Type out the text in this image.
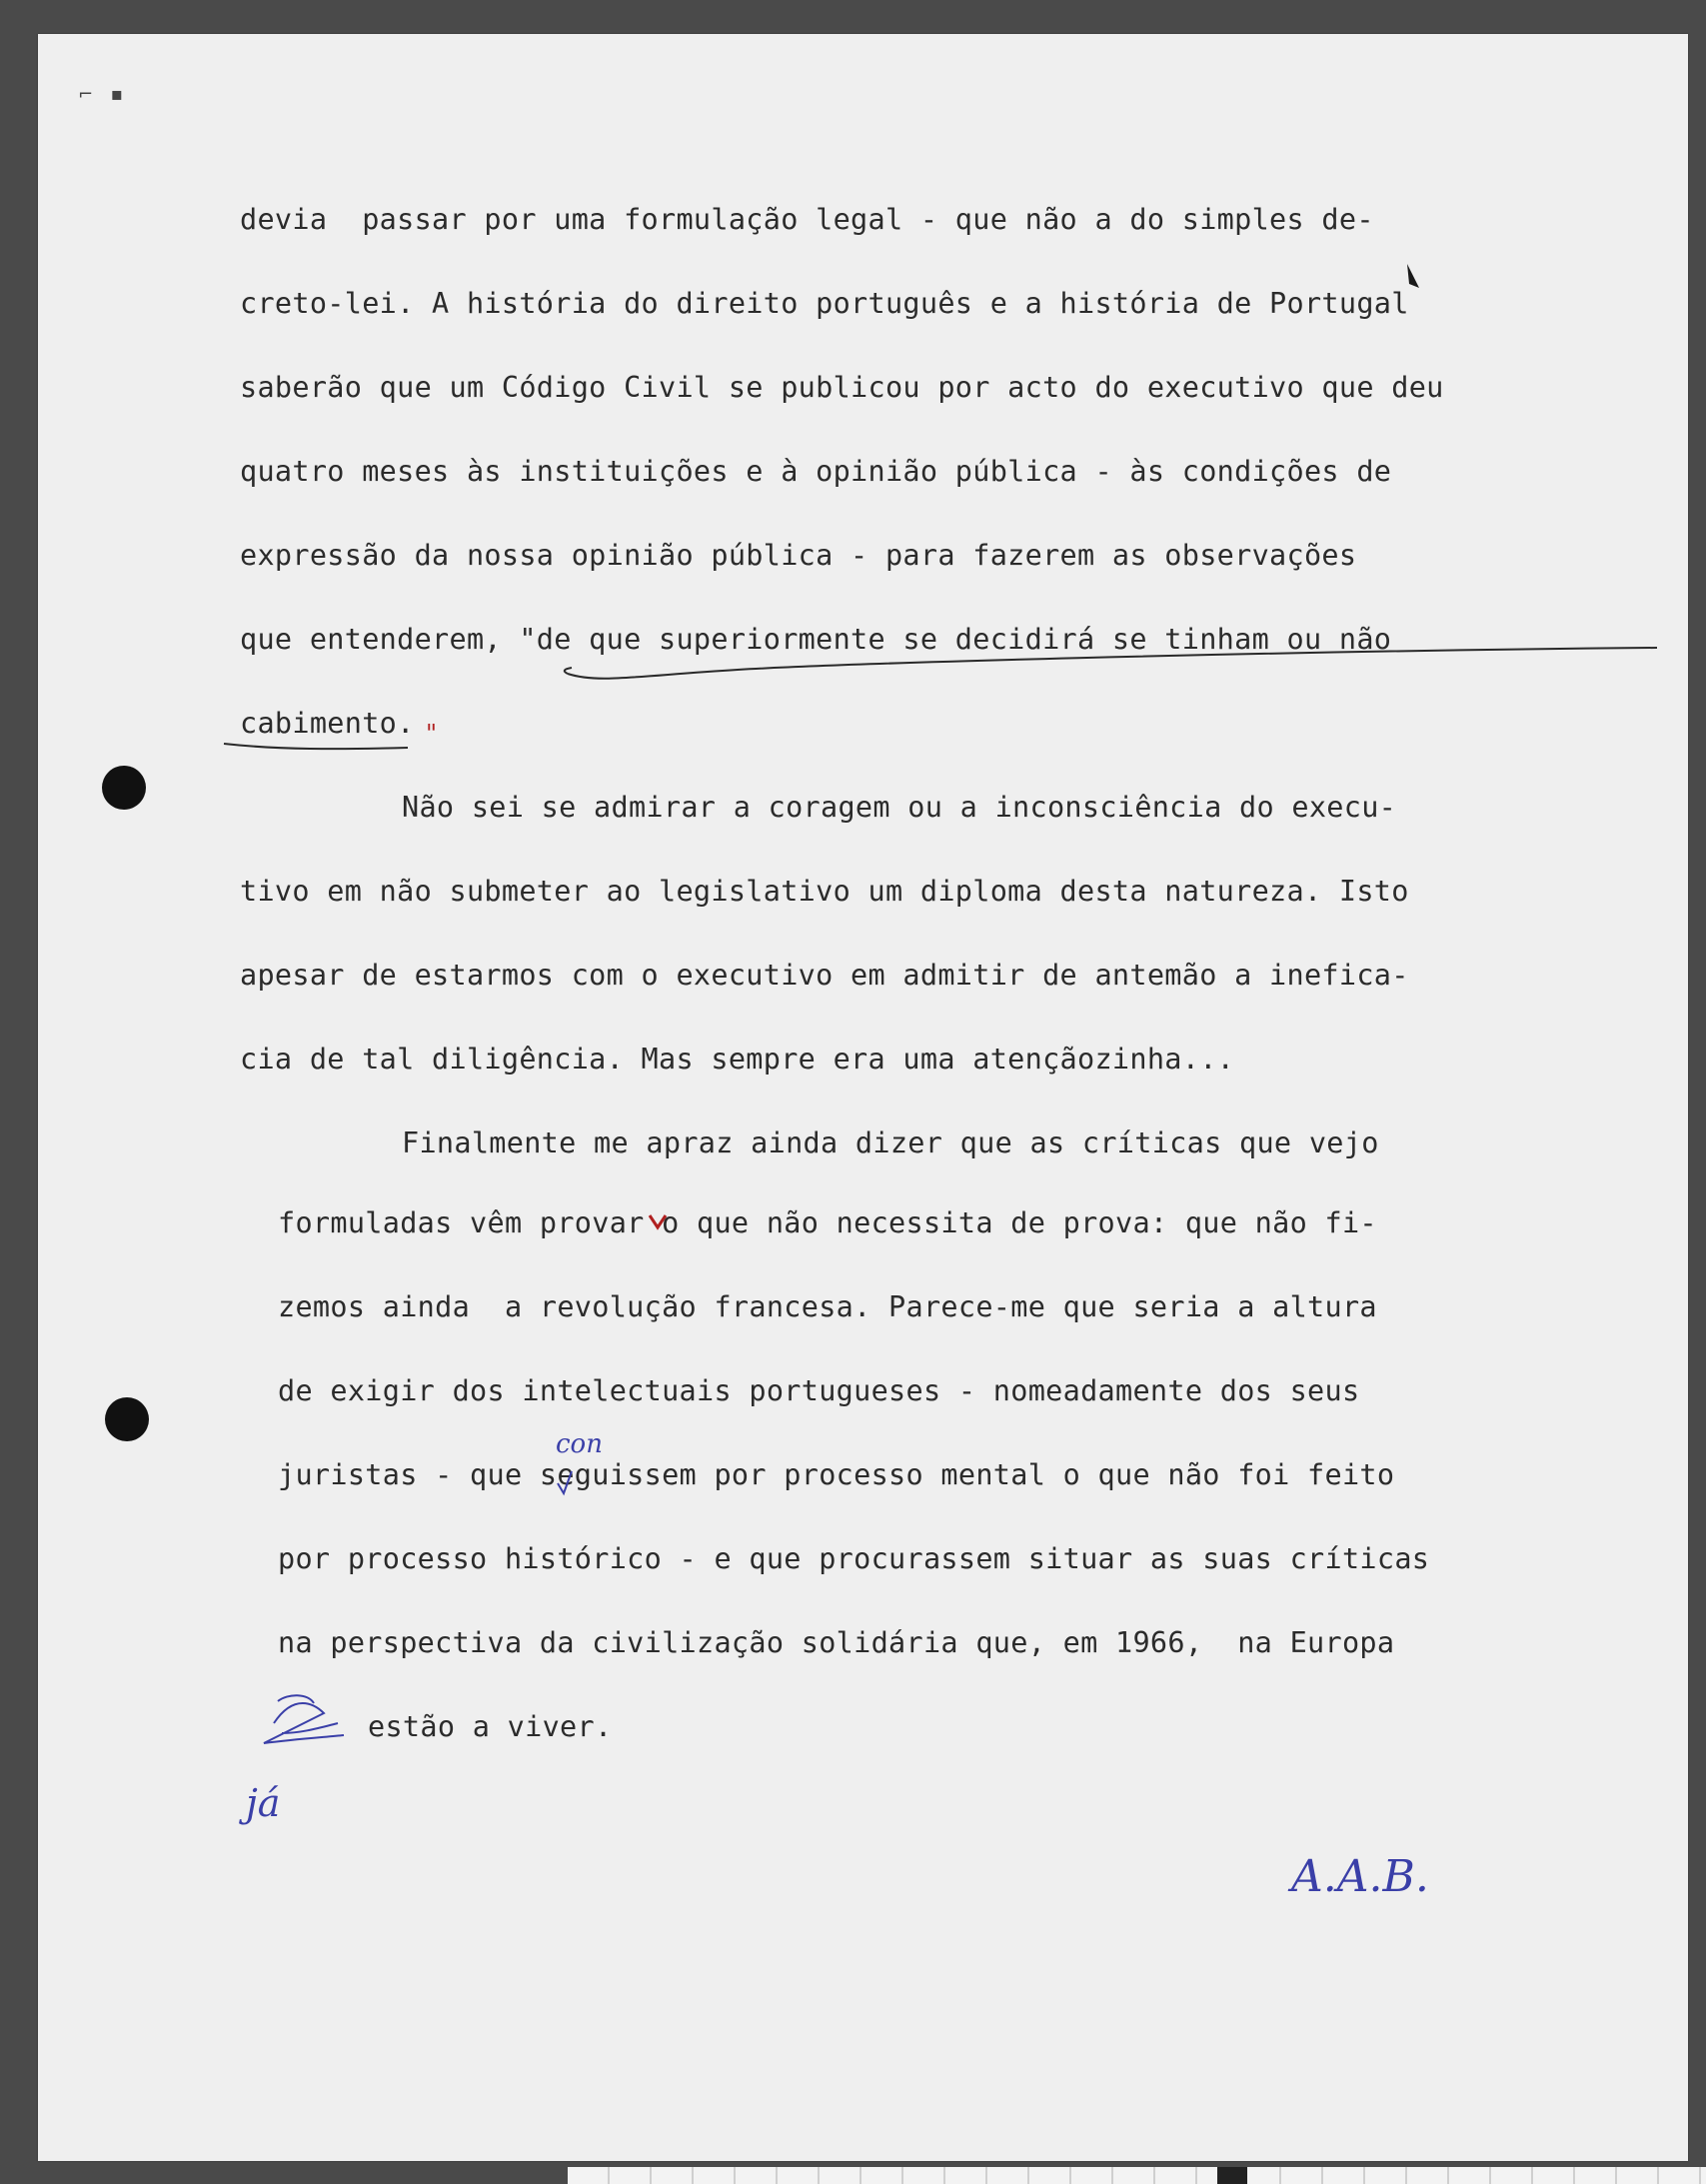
⌐ ▪
devia  passar por uma formulação legal - que não a do simples de-
creto-lei. A história do direito português e a história de Portugal
saberão que um Código Civil se publicou por acto do executivo que deu
quatro meses às instituições e à opinião pública - às condições de
expressão da nossa opinião pública - para fazerem as observações
que entenderem, "de que superiormente se decidirá se tinham ou não
cabimento. "
Não sei se admirar a coragem ou a inconsciência do execu-
tivo em não submeter ao legislativo um diploma desta natureza. Isto
apesar de estarmos com o executivo em admitir de antemão a inefica-
cia de tal diligência. Mas sempre era uma atençãozinha...
Finalmente me apraz ainda dizer que as críticas que vejo
formuladas vêm provar o que não necessita de prova: que não fi-
zemos ainda  a revolução francesa. Parece-me que seria a altura
de exigir dos intelectuais portugueses - nomeadamente dos seus
juristas - que seguissem por processo mental o que não foi feito
por processo histórico - e que procurassem situar as suas críticas
na perspectiva da civilização solidária que, em 1966,  na Europa
estão a viver.
con
já
A.A.B.
